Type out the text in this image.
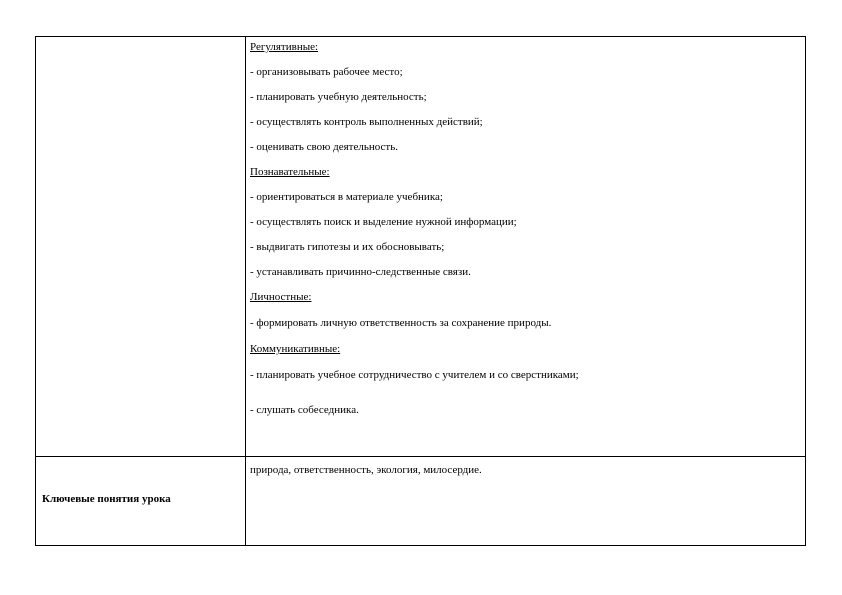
Регулятивные:
- организовывать рабочее место;
- планировать учебную деятельность;
- осуществлять контроль выполненных действий;
- оценивать свою деятельность.
Познавательные:
- ориентироваться в материале учебника;
- осуществлять поиск и выделение нужной информации;
- выдвигать гипотезы и их обосновывать;
- устанавливать причинно-следственные связи.
Личностные:
- формировать личную ответственность за сохранение природы.
Коммуникативные:
- планировать учебное сотрудничество с учителем и со сверстниками;
- слушать собеседника.
Ключевые понятия урока
природа, ответственность, экология, милосердие.
